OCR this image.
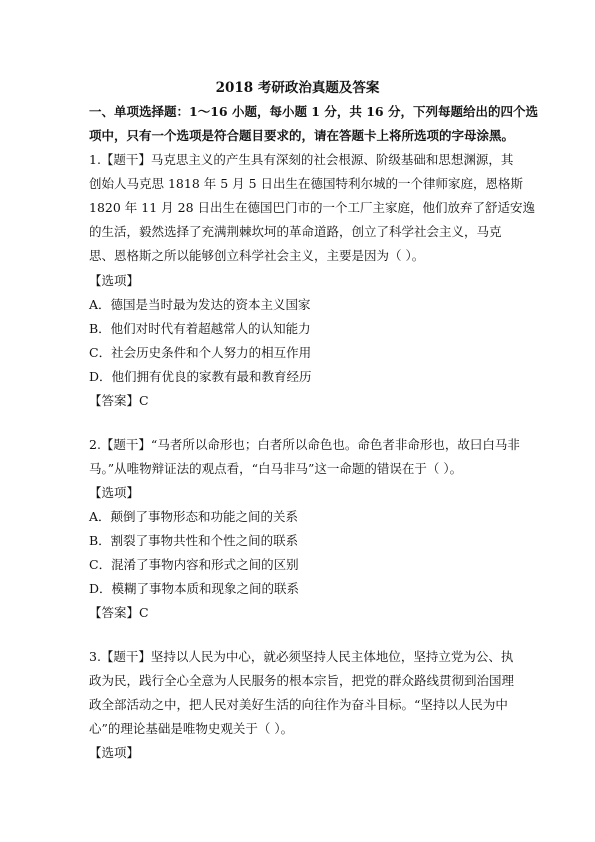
2018 考研政治真题及答案
一、单项选择题：1～16 小题，每小题 1 分，共 16 分，下列每题给出的四个选
项中，只有一个选项是符合题目要求的，请在答题卡上将所选项的字母涂黑。
1.【题干】马克思主义的产生具有深刻的社会根源、阶级基础和思想渊源，其
创始人马克思 1818 年 5 月 5 日出生在德国特利尔城的一个律师家庭，恩格斯
1820 年 11 月 28 日出生在德国巴门市的一个工厂主家庭，他们放弃了舒适安逸
的生活，毅然选择了充满荆棘坎坷的革命道路，创立了科学社会主义，马克
思、恩格斯之所以能够创立科学社会主义，主要是因为（ ）。
【选项】
A．德国是当时最为发达的资本主义国家
B．他们对时代有着超越常人的认知能力
C．社会历史条件和个人努力的相互作用
D．他们拥有优良的家教有最和教育经历
【答案】C
2.【题干】“马者所以命形也；白者所以命色也。命色者非命形也，故曰白马非
马。”从唯物辩证法的观点看，“白马非马”这一命题的错误在于（ ）。
【选项】
A．颠倒了事物形态和功能之间的关系
B．割裂了事物共性和个性之间的联系
C．混淆了事物内容和形式之间的区别
D．模糊了事物本质和现象之间的联系
【答案】C
3.【题干】坚持以人民为中心，就必须坚持人民主体地位，坚持立党为公、执
政为民，践行全心全意为人民服务的根本宗旨，把党的群众路线贯彻到治国理
政全部活动之中，把人民对美好生活的向往作为奋斗目标。“坚持以人民为中
心”的理论基础是唯物史观关于（ ）。
【选项】
